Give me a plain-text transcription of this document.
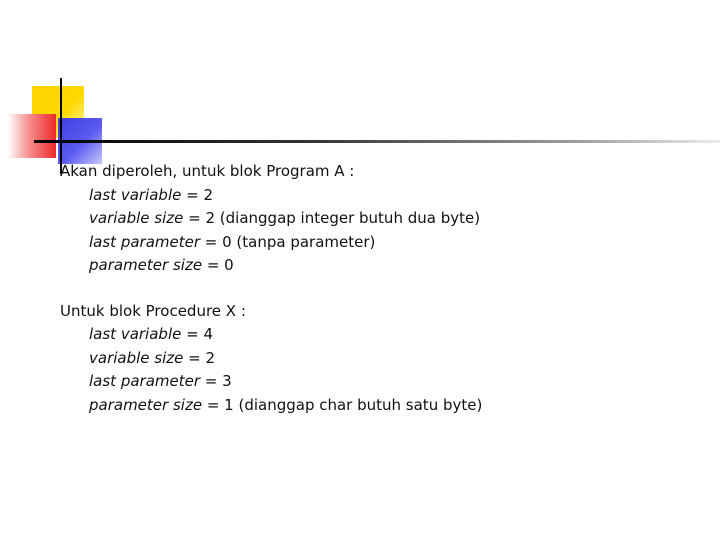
Akan diperoleh, untuk blok Program A :
last variable = 2
variable size = 2 (dianggap integer butuh dua byte)
last parameter = 0 (tanpa parameter)
parameter size = 0
Untuk blok Procedure X :
last variable = 4
variable size = 2
last parameter = 3
parameter size = 1 (dianggap char butuh satu byte)
